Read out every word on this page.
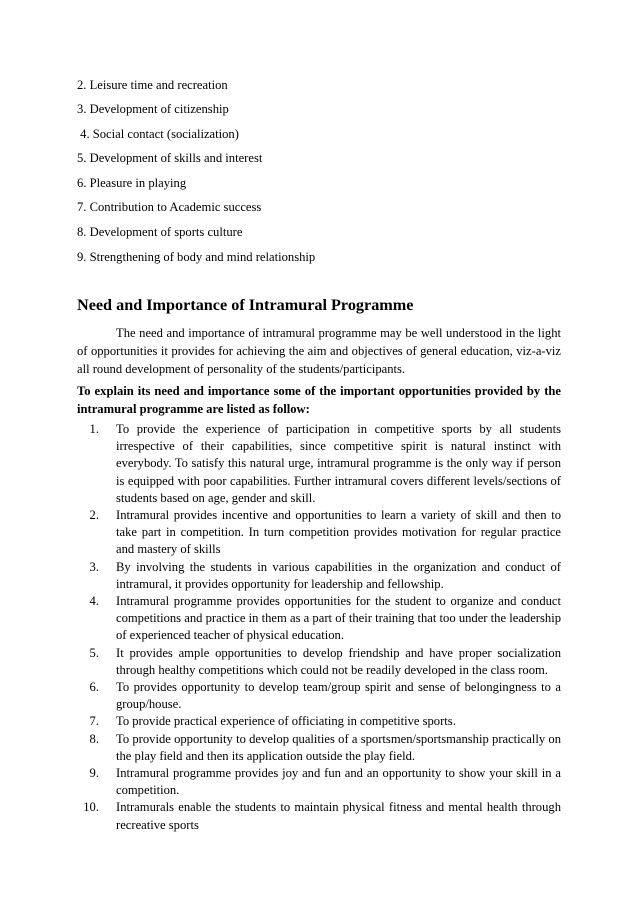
2. Leisure time and recreation
3. Development of citizenship
4. Social contact (socialization)
5. Development of skills and interest
6. Pleasure in playing
7. Contribution to Academic success
8. Development of sports culture
9. Strengthening of body and mind relationship
Need and Importance of Intramural Programme
The need and importance of intramural programme may be well understood in the light of opportunities it provides for achieving the aim and objectives of general education, viz-a-viz all round development of personality of the students/participants.
To explain its need and importance some of the important opportunities provided by the intramural programme are listed as follow:
1. To provide the experience of participation in competitive sports by all students irrespective of their capabilities, since competitive spirit is natural instinct with everybody. To satisfy this natural urge, intramural programme is the only way if person is equipped with poor capabilities. Further intramural covers different levels/sections of students based on age, gender and skill.
2. Intramural provides incentive and opportunities to learn a variety of skill and then to take part in competition. In turn competition provides motivation for regular practice and mastery of skills
3. By involving the students in various capabilities in the organization and conduct of intramural, it provides opportunity for leadership and fellowship.
4. Intramural programme provides opportunities for the student to organize and conduct competitions and practice in them as a part of their training that too under the leadership of experienced teacher of physical education.
5. It provides ample opportunities to develop friendship and have proper socialization through healthy competitions which could not be readily developed in the class room.
6. To provides opportunity to develop team/group spirit and sense of belongingness to a group/house.
7. To provide practical experience of officiating in competitive sports.
8. To provide opportunity to develop qualities of a sportsmen/sportsmanship practically on the play field and then its application outside the play field.
9. Intramural programme provides joy and fun and an opportunity to show your skill in a competition.
10. Intramurals enable the students to maintain physical fitness and mental health through recreative sports
